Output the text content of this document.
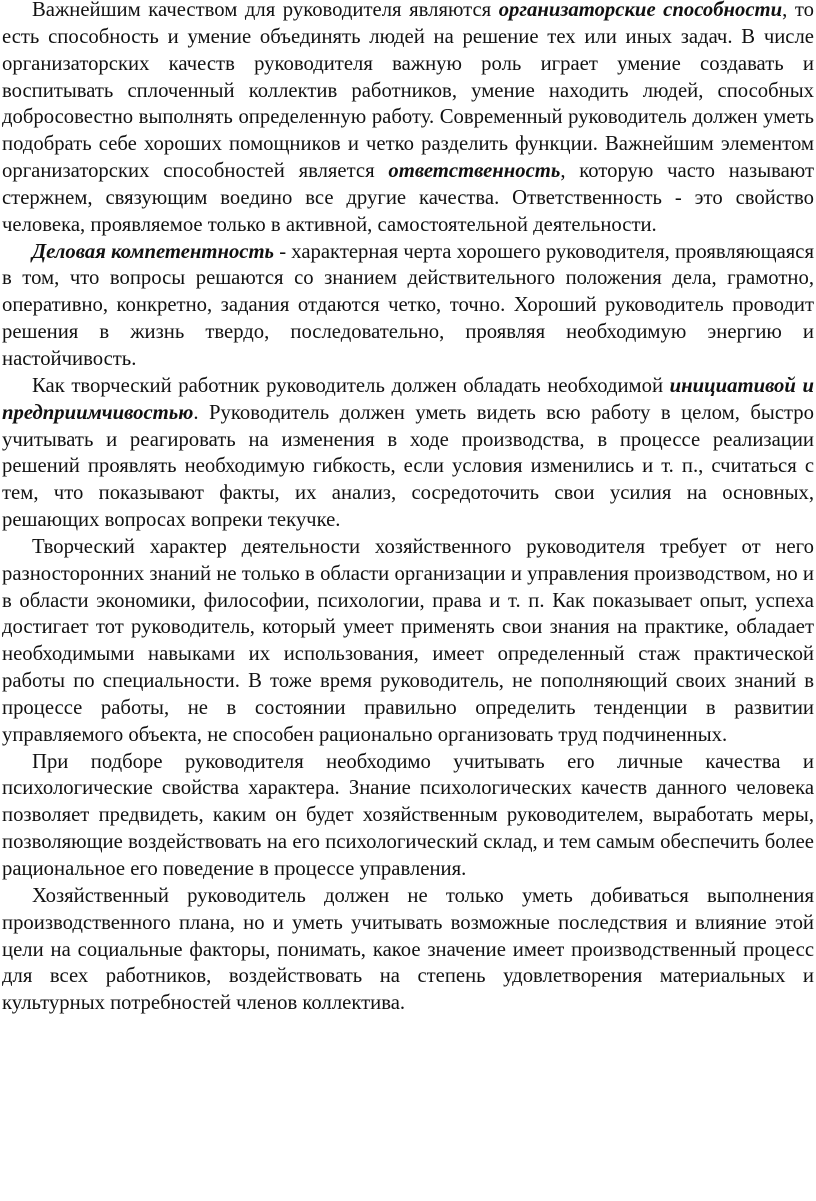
Важнейшим качеством для руководителя являются организаторские способности, то есть способность и умение объединять людей на решение тех или иных задач. В числе организаторских качеств руководителя важную роль играет умение создавать и воспитывать сплоченный коллектив работников, умение находить людей, способных добросовестно выполнять определенную работу. Современный руководитель должен уметь подобрать себе хороших помощников и четко разделить функции. Важнейшим элементом организаторских способностей является ответственность, которую часто называют стержнем, связующим воедино все другие качества. Ответственность - это свойство человека, проявляемое только в активной, самостоятельной деятельности.

Деловая компетентность - характерная черта хорошего руководителя, проявляющаяся в том, что вопросы решаются со знанием действительного положения дела, грамотно, оперативно, конкретно, задания отдаются четко, точно. Хороший руководитель проводит решения в жизнь твердо, последовательно, проявляя необходимую энергию и настойчивость.

Как творческий работник руководитель должен обладать необходимой инициативой и предприимчивостью. Руководитель должен уметь видеть всю работу в целом, быстро учитывать и реагировать на изменения в ходе производства, в процессе реализации решений проявлять необходимую гибкость, если условия изменились и т. п., считаться с тем, что показывают факты, их анализ, сосредоточить свои усилия на основных, решающих вопросах вопреки текучке.

Творческий характер деятельности хозяйственного руководителя требует от него разносторонних знаний не только в области организации и управления производством, но и в области экономики, философии, психологии, права и т. п. Как показывает опыт, успеха достигает тот руководитель, который умеет применять свои знания на практике, обладает необходимыми навыками их использования, имеет определенный стаж практической работы по специальности. В тоже время руководитель, не пополняющий своих знаний в процессе работы, не в состоянии правильно определить тенденции в развитии управляемого объекта, не способен рационально организовать труд подчиненных.

При подборе руководителя необходимо учитывать его личные качества и психологические свойства характера. Знание психологических качеств данного человека позволяет предвидеть, каким он будет хозяйственным руководителем, выработать меры, позволяющие воздействовать на его психологический склад, и тем самым обеспечить более рациональное его поведение в процессе управления.

Хозяйственный руководитель должен не только уметь добиваться выполнения производственного плана, но и уметь учитывать возможные последствия и влияние этой цели на социальные факторы, понимать, какое значение имеет производственный процесс для всех работников, воздействовать на степень удовлетворения материальных и культурных потребностей членов коллектива.
